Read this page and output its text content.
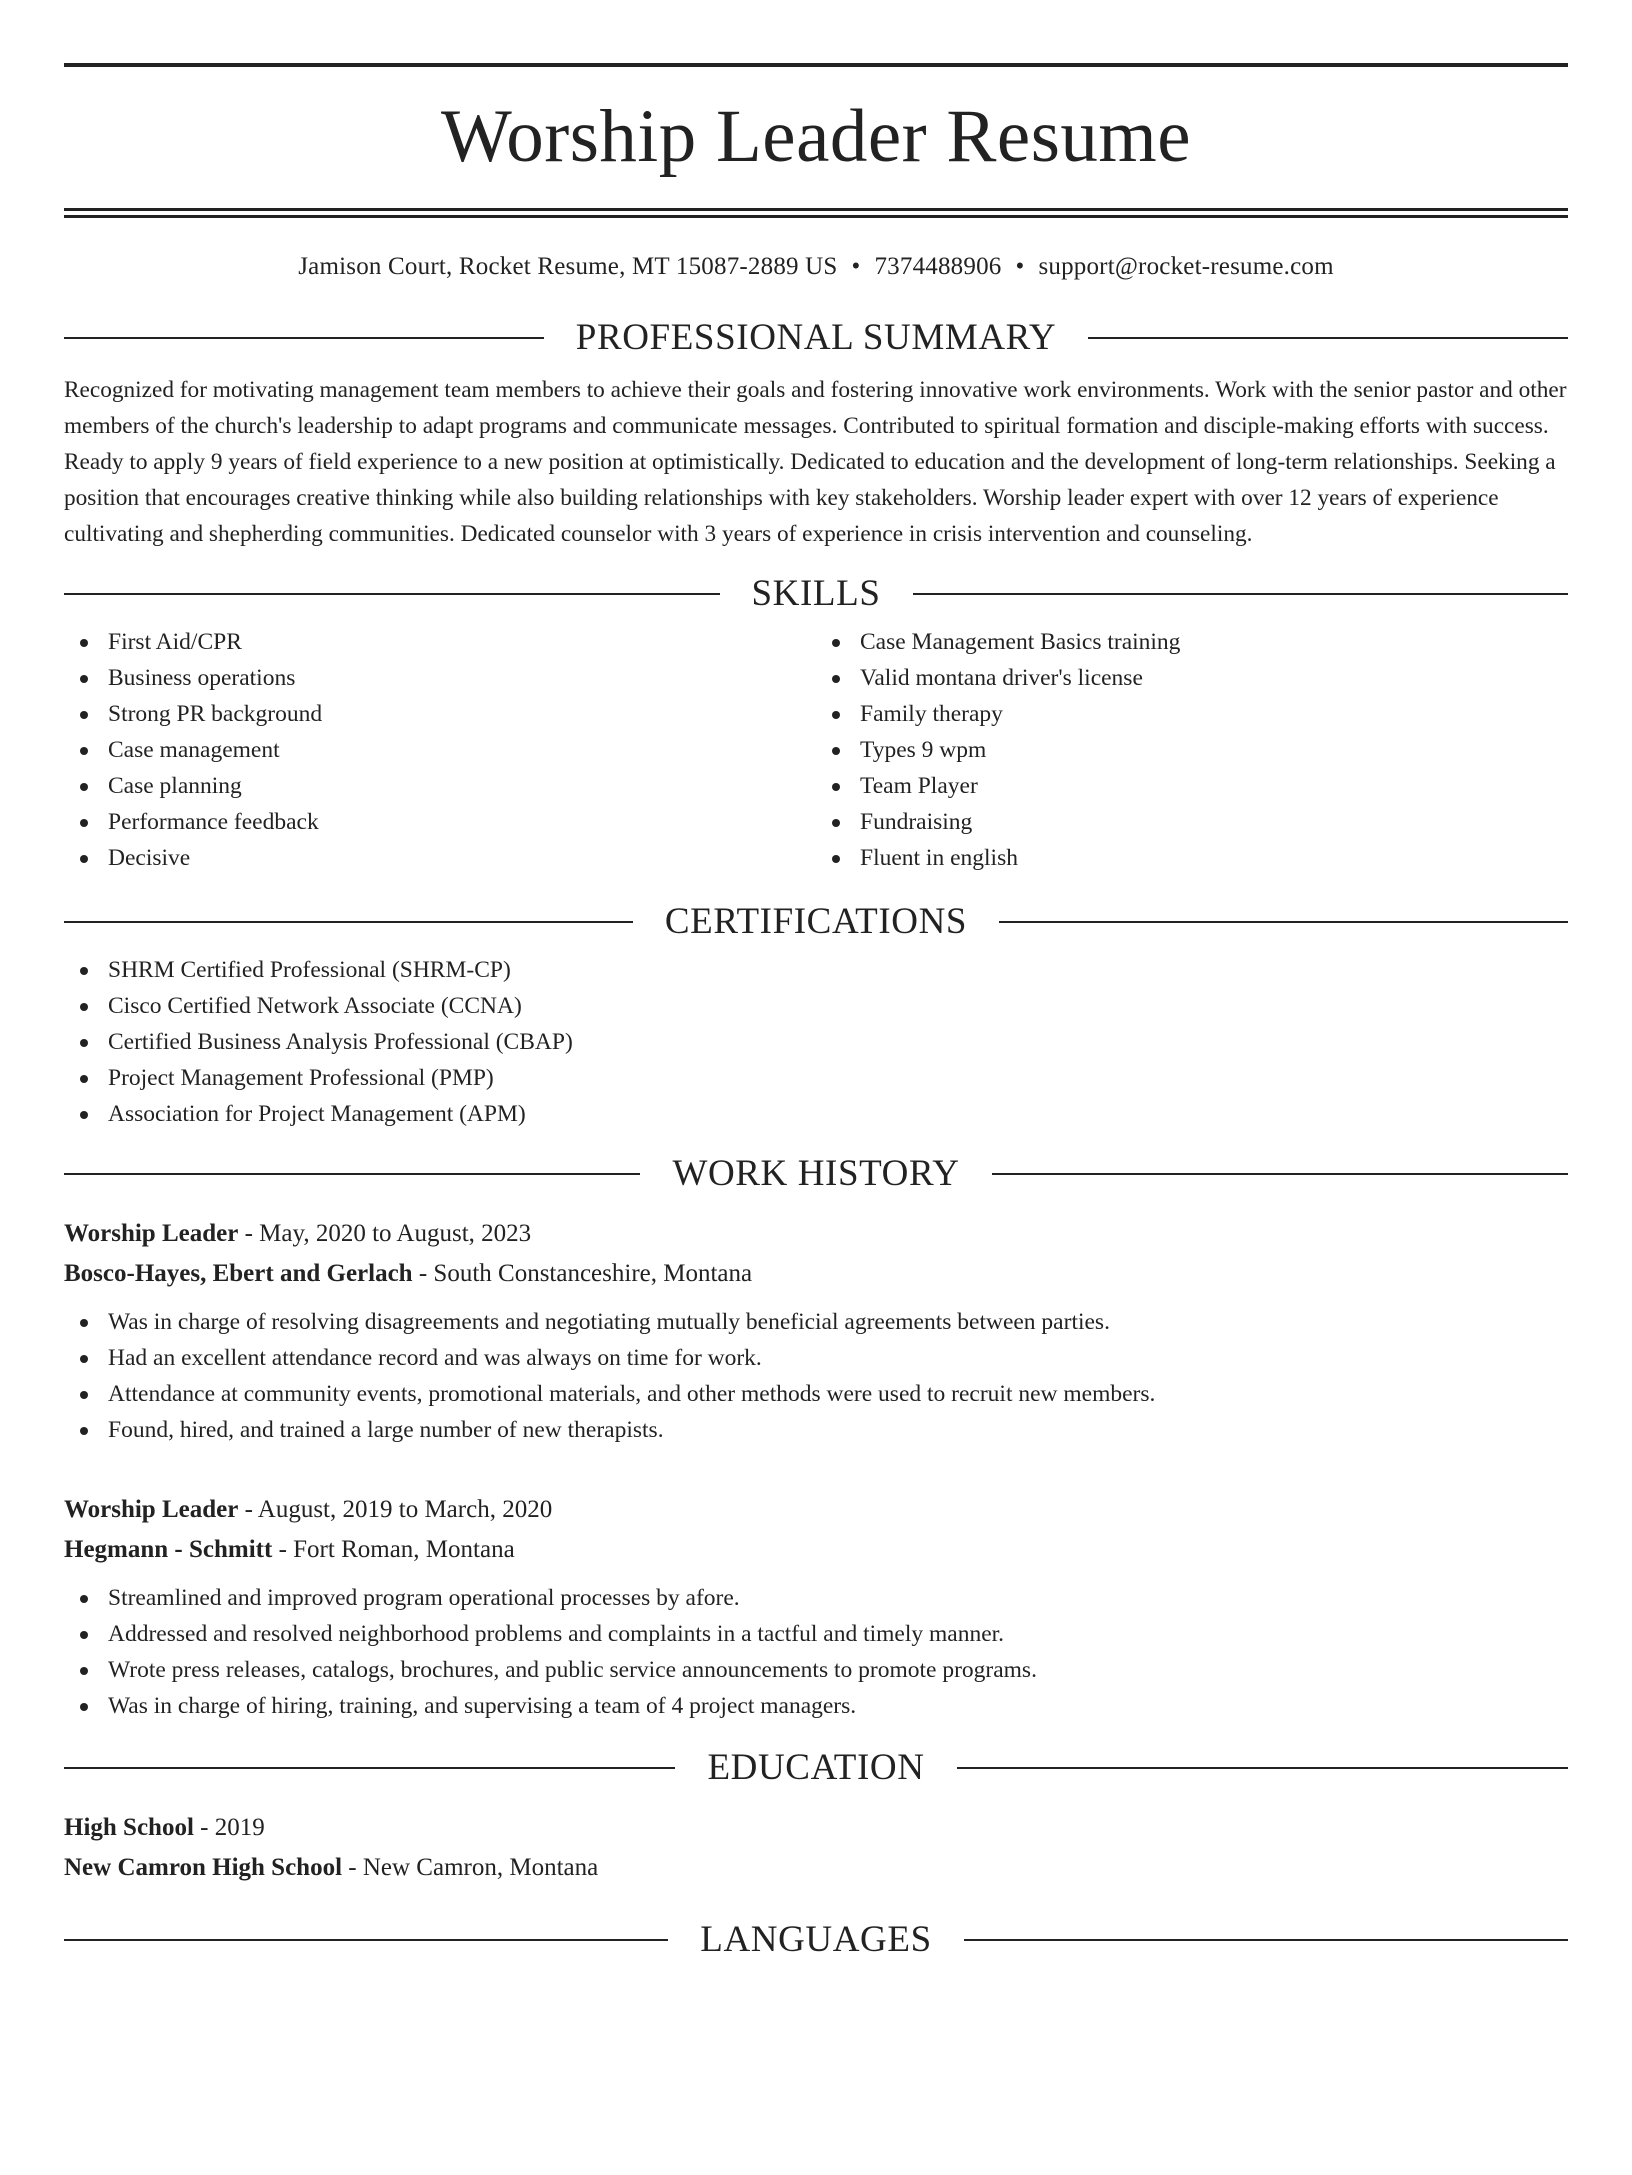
Worship Leader Resume
Jamison Court, Rocket Resume, MT 15087-2889 US • 7374488906 • support@rocket-resume.com
PROFESSIONAL SUMMARY

Recognized for motivating management team members to achieve their goals and fostering innovative work environments. Work with the senior pastor and other members of the church's leadership to adapt programs and communicate messages. Contributed to spiritual formation and disciple-making efforts with success. Ready to apply 9 years of field experience to a new position at optimistically. Dedicated to education and the development of long-term relationships. Seeking a position that encourages creative thinking while also building relationships with key stakeholders. Worship leader expert with over 12 years of experience cultivating and shepherding communities. Dedicated counselor with 3 years of experience in crisis intervention and counseling.

SKILLS
First Aid/CPR
Business operations
Strong PR background
Case management
Case planning
Performance feedback
Decisive
Case Management Basics training
Valid montana driver's license
Family therapy
Types 9 wpm
Team Player
Fundraising
Fluent in english
CERTIFICATIONS
SHRM Certified Professional (SHRM-CP)
Cisco Certified Network Associate (CCNA)
Certified Business Analysis Professional (CBAP)
Project Management Professional (PMP)
Association for Project Management (APM)
WORK HISTORY
Worship Leader - May, 2020 to August, 2023
Bosco-Hayes, Ebert and Gerlach - South Constanceshire, Montana
Was in charge of resolving disagreements and negotiating mutually beneficial agreements between parties.
Had an excellent attendance record and was always on time for work.
Attendance at community events, promotional materials, and other methods were used to recruit new members.
Found, hired, and trained a large number of new therapists.
Worship Leader - August, 2019 to March, 2020
Hegmann - Schmitt - Fort Roman, Montana
Streamlined and improved program operational processes by afore.
Addressed and resolved neighborhood problems and complaints in a tactful and timely manner.
Wrote press releases, catalogs, brochures, and public service announcements to promote programs.
Was in charge of hiring, training, and supervising a team of 4 project managers.
EDUCATION
High School - 2019
New Camron High School - New Camron, Montana
LANGUAGES
